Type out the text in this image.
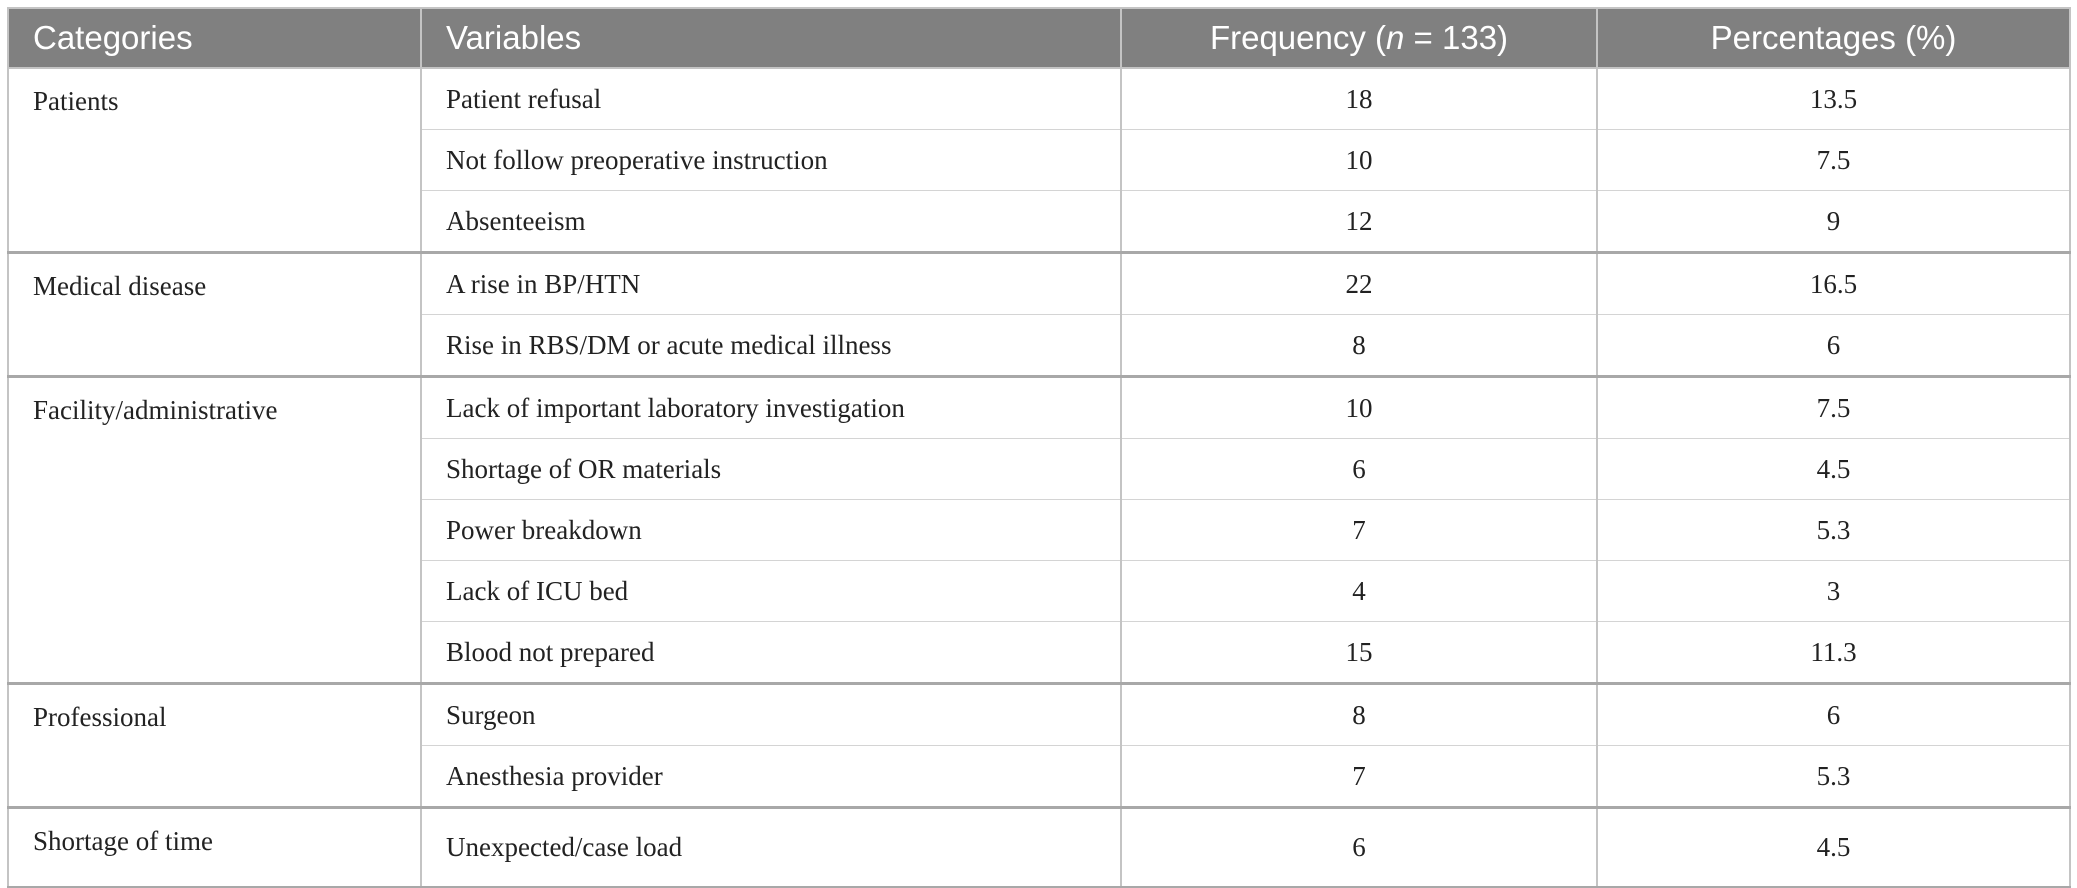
Categories	Variables	Frequency (n = 133)	Percentages (%)
Patients	Patient refusal	18	13.5
	Not follow preoperative instruction	10	7.5
	Absenteeism	12	9
Medical disease	A rise in BP/HTN	22	16.5
	Rise in RBS/DM or acute medical illness	8	6
Facility/administrative	Lack of important laboratory investigation	10	7.5
	Shortage of OR materials	6	4.5
	Power breakdown	7	5.3
	Lack of ICU bed	4	3
	Blood not prepared	15	11.3
Professional	Surgeon	8	6
	Anesthesia provider	7	5.3
Shortage of time	Unexpected/case load	6	4.5
